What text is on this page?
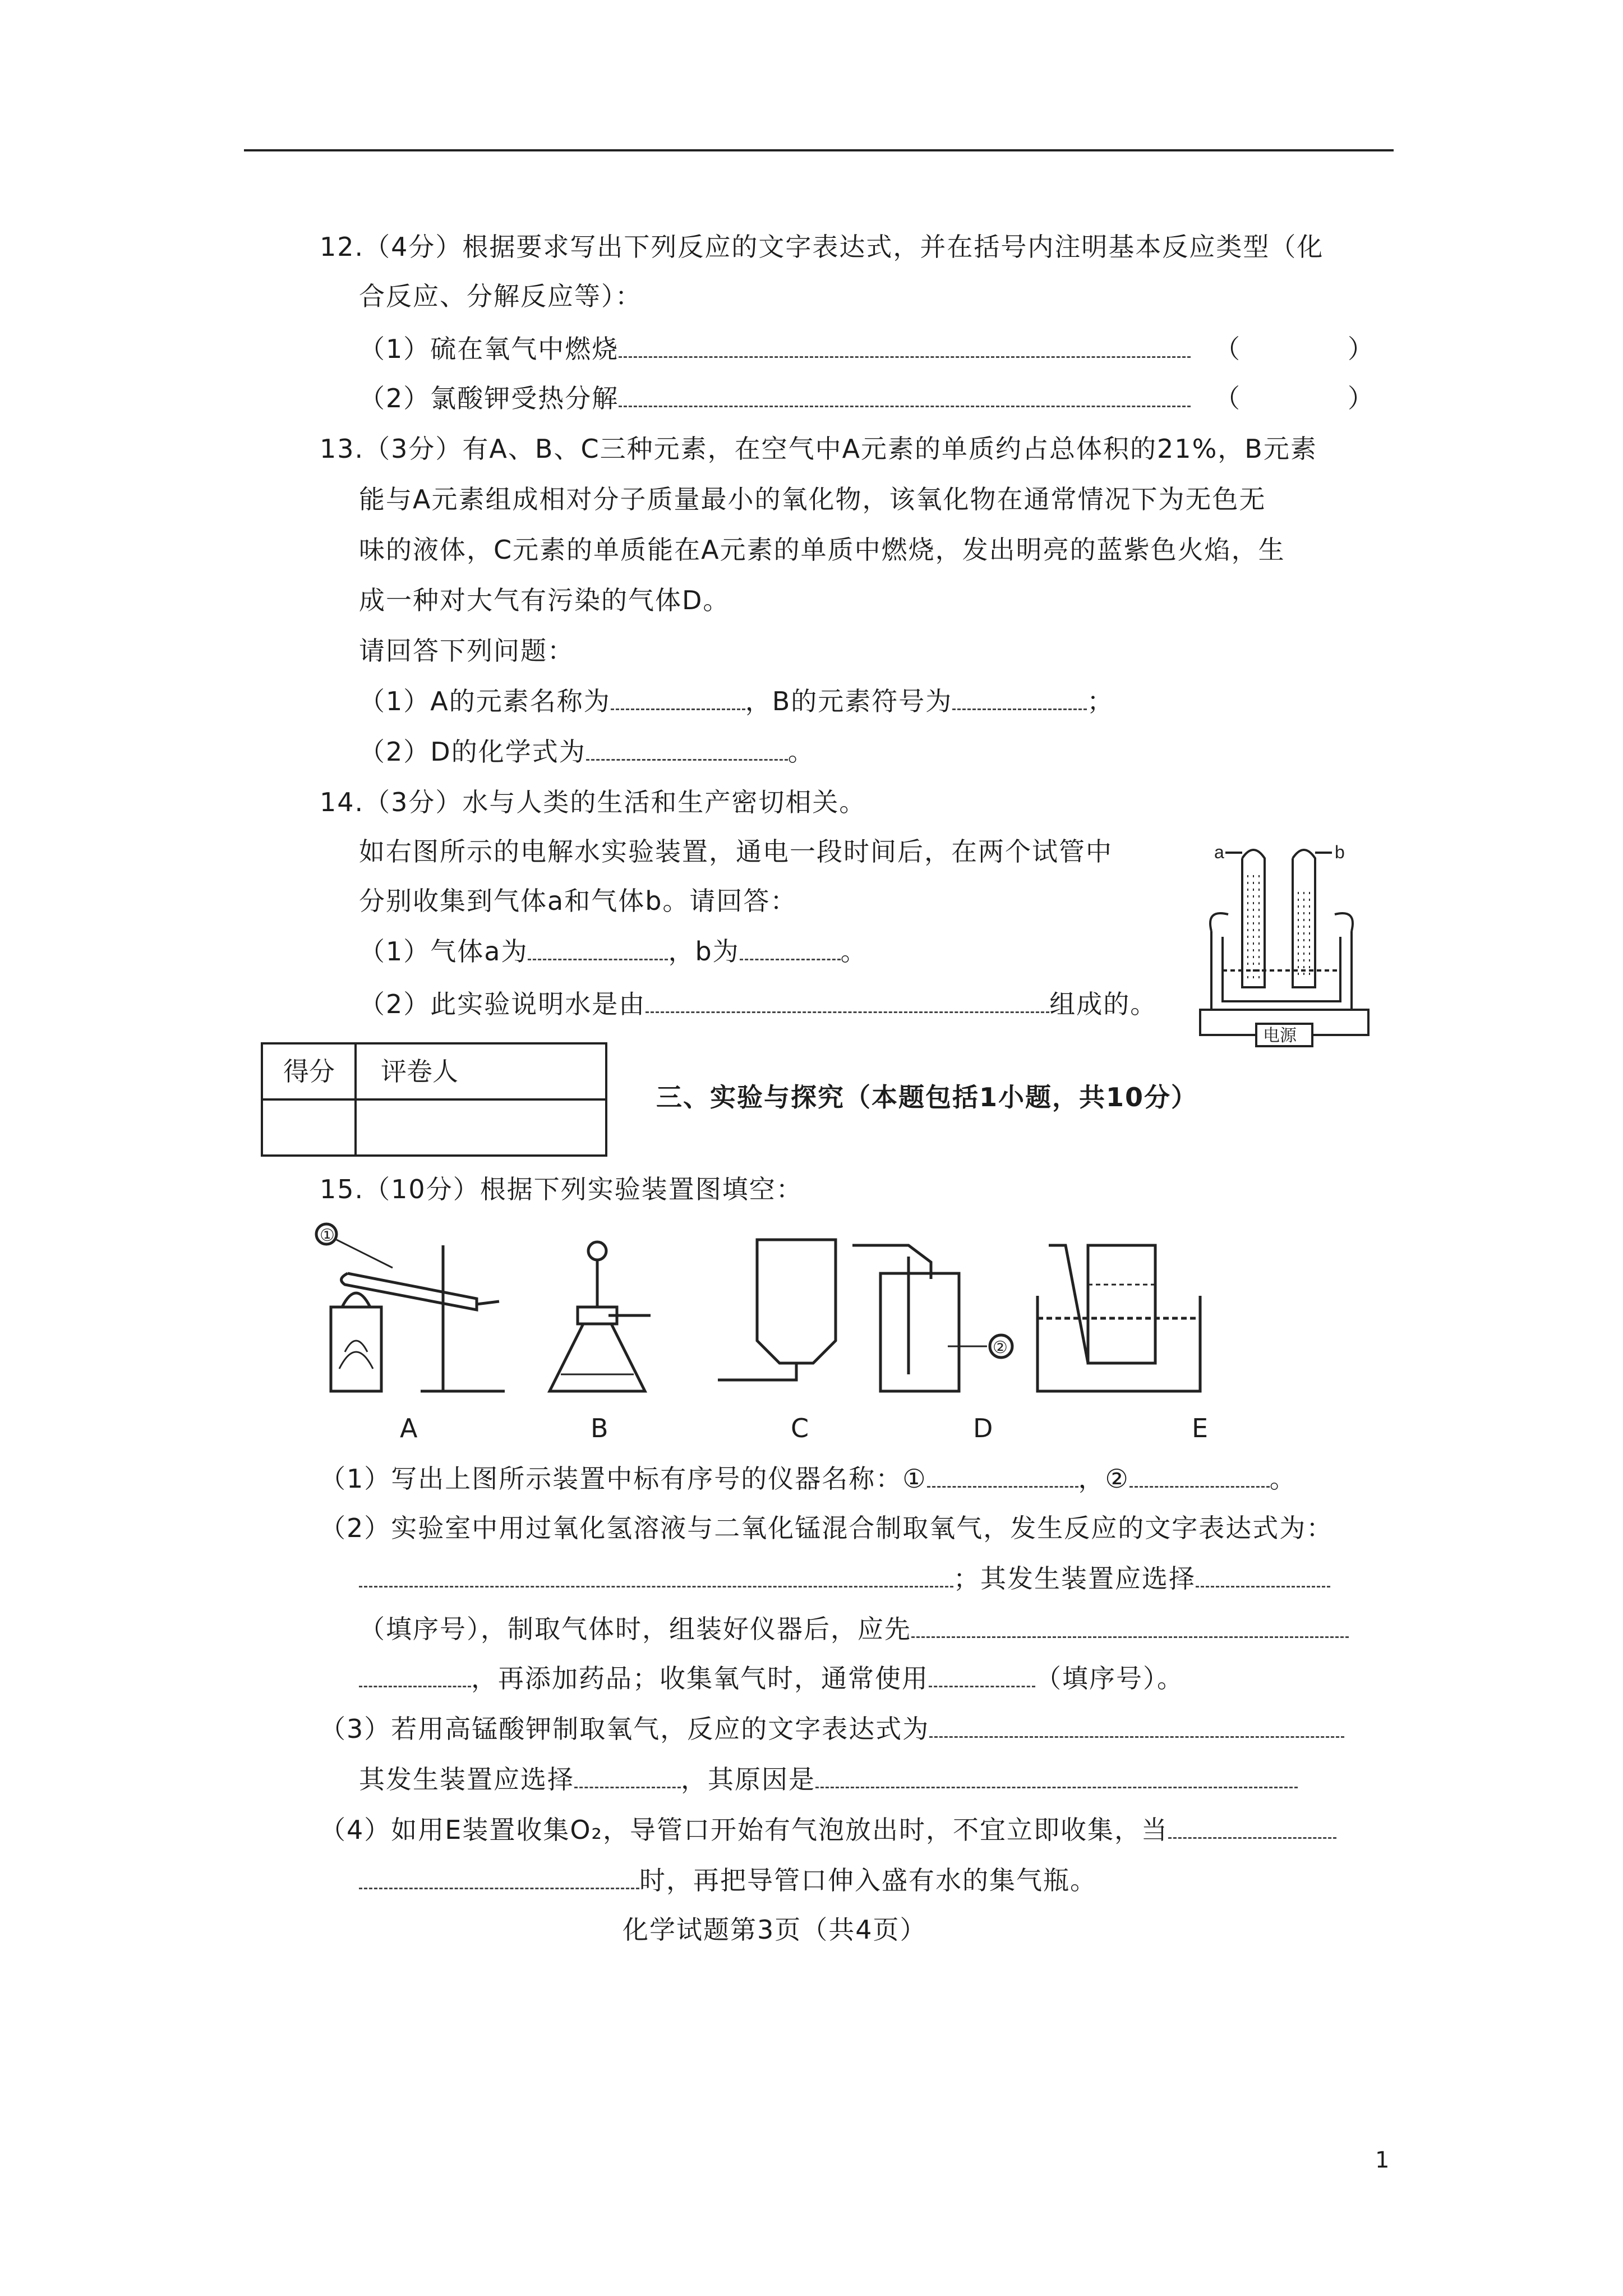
12.（4分）根据要求写出下列反应的文字表达式，并在括号内注明基本反应类型（化
合反应、分解反应等）：
（1）硫在氧气中燃烧	（	）
（2）氯酸钾受热分解	（	）
13.（3分）有A、B、C三种元素，在空气中A元素的单质约占总体积的21%，B元素
能与A元素组成相对分子质量最小的氧化物，该氧化物在通常情况下为无色无
味的液体，C元素的单质能在A元素的单质中燃烧，发出明亮的蓝紫色火焰，生
成一种对大气有污染的气体D。
请回答下列问题：
（1）A的元素名称为	，B的元素符号为	；
（2）D的化学式为	。
14.（3分）水与人类的生活和生产密切相关。
如右图所示的电解水实验装置，通电一段时间后，在两个试管中
分别收集到气体a和气体b。请回答：
（1）气体a为	，b为	。
（2）此实验说明水是由	组成的。
a	b
电源
得分 评卷人
三、实验与探究（本题包括1小题，共10分）
15.（10分）根据下列实验装置图填空：
①
②
A	B	C	D	E
（1）写出上图所示装置中标有序号的仪器名称：①	，②	。
（2）实验室中用过氧化氢溶液与二氧化锰混合制取氧气，发生反应的文字表达式为：
；其发生装置应选择
（填序号），制取气体时，组装好仪器后，应先
，再添加药品；收集氧气时，通常使用	（填序号）。
（3）若用高锰酸钾制取氧气，反应的文字表达式为
其发生装置应选择	，其原因是
（4）如用E装置收集O₂，导管口开始有气泡放出时，不宜立即收集，当
时，再把导管口伸入盛有水的集气瓶。
化学试题第3页（共4页）
1
